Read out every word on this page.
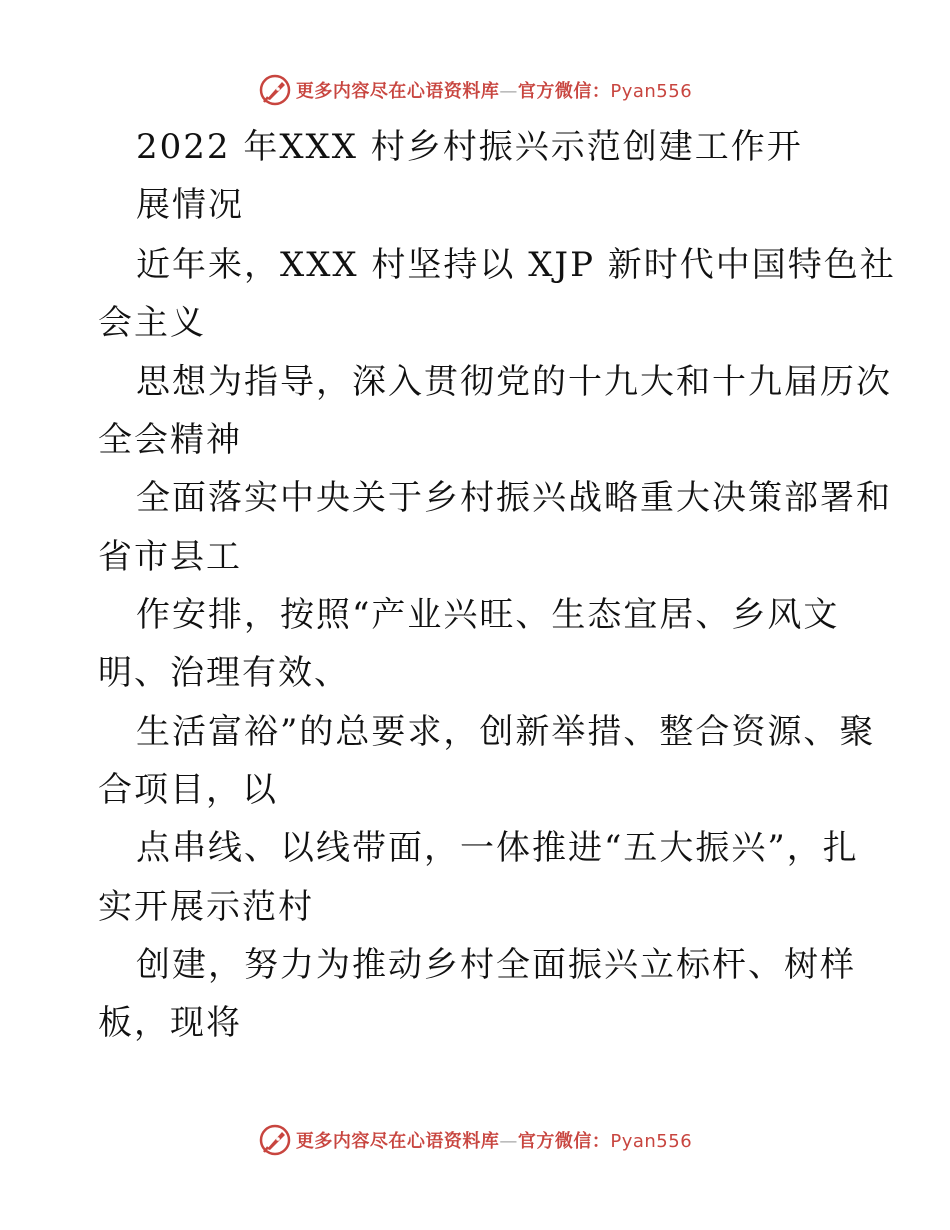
更多内容尽在心语资料库—官方微信：Pyan556
2022 年XXX 村乡村振兴示范创建工作开
展情况
近年来，XXX 村坚持以 XJP 新时代中国特色社
会主义
思想为指导，深入贯彻党的十九大和十九届历次
全会精神
全面落实中央关于乡村振兴战略重大决策部署和
省市县工
作安排，按照“产业兴旺、生态宜居、乡风文
明、治理有效、
生活富裕”的总要求，创新举措、整合资源、聚
合项目，以
点串线、以线带面，一体推进“五大振兴”，扎
实开展示范村
创建，努力为推动乡村全面振兴立标杆、树样
板，现将
更多内容尽在心语资料库—官方微信：Pyan556
